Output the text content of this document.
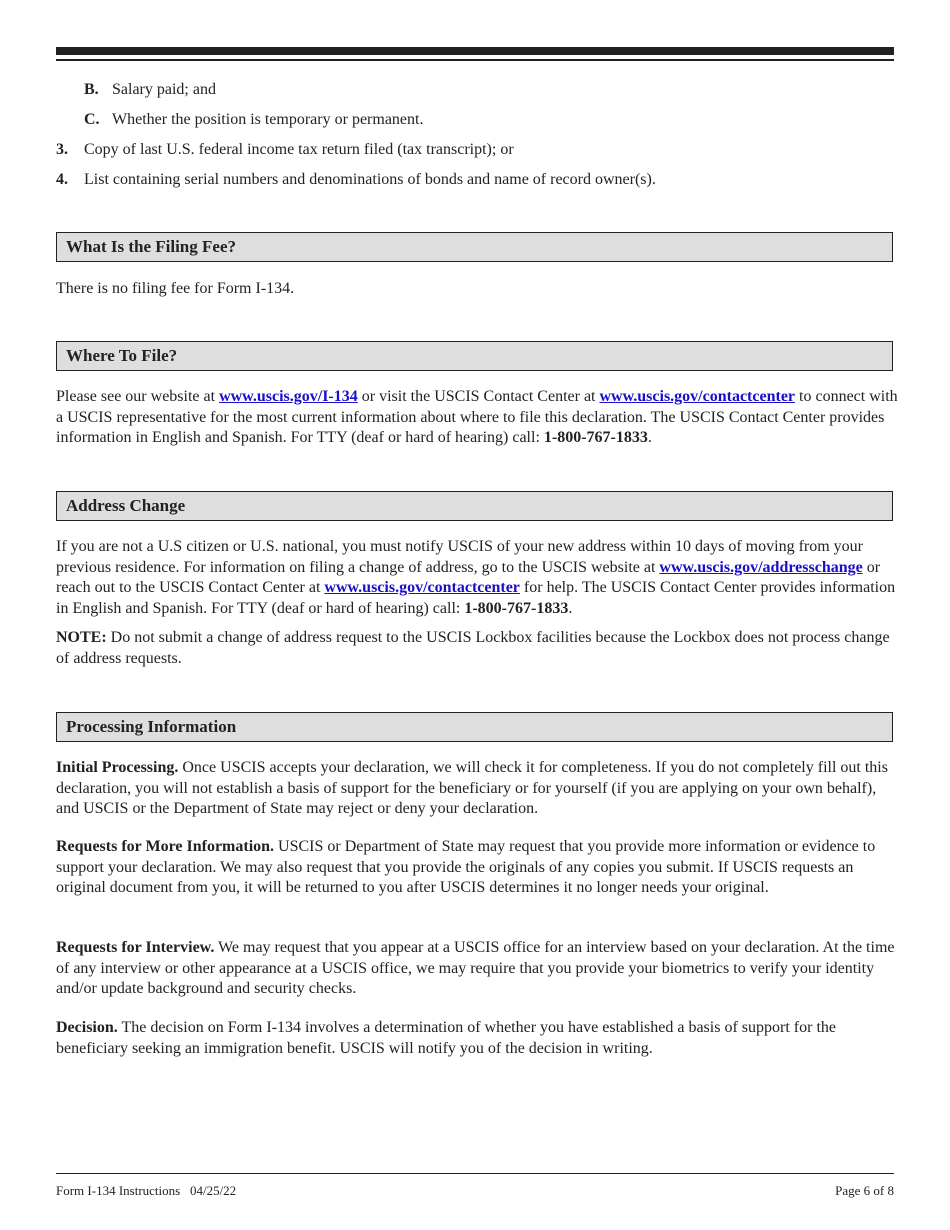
B. Salary paid; and
C. Whether the position is temporary or permanent.
3. Copy of last U.S. federal income tax return filed (tax transcript); or
4. List containing serial numbers and denominations of bonds and name of record owner(s).
What Is the Filing Fee?
There is no filing fee for Form I-134.
Where To File?
Please see our website at www.uscis.gov/I-134 or visit the USCIS Contact Center at www.uscis.gov/contactcenter to connect with a USCIS representative for the most current information about where to file this declaration. The USCIS Contact Center provides information in English and Spanish. For TTY (deaf or hard of hearing) call: 1-800-767-1833.
Address Change
If you are not a U.S citizen or U.S. national, you must notify USCIS of your new address within 10 days of moving from your previous residence. For information on filing a change of address, go to the USCIS website at www.uscis.gov/addresschange or reach out to the USCIS Contact Center at www.uscis.gov/contactcenter for help. The USCIS Contact Center provides information in English and Spanish. For TTY (deaf or hard of hearing) call: 1-800-767-1833.
NOTE: Do not submit a change of address request to the USCIS Lockbox facilities because the Lockbox does not process change of address requests.
Processing Information
Initial Processing. Once USCIS accepts your declaration, we will check it for completeness. If you do not completely fill out this declaration, you will not establish a basis of support for the beneficiary or for yourself (if you are applying on your own behalf), and USCIS or the Department of State may reject or deny your declaration.
Requests for More Information. USCIS or Department of State may request that you provide more information or evidence to support your declaration. We may also request that you provide the originals of any copies you submit. If USCIS requests an original document from you, it will be returned to you after USCIS determines it no longer needs your original.
Requests for Interview. We may request that you appear at a USCIS office for an interview based on your declaration. At the time of any interview or other appearance at a USCIS office, we may require that you provide your biometrics to verify your identity and/or update background and security checks.
Decision. The decision on Form I-134 involves a determination of whether you have established a basis of support for the beneficiary seeking an immigration benefit. USCIS will notify you of the decision in writing.
Form I-134 Instructions   04/25/22	Page 6 of 8
